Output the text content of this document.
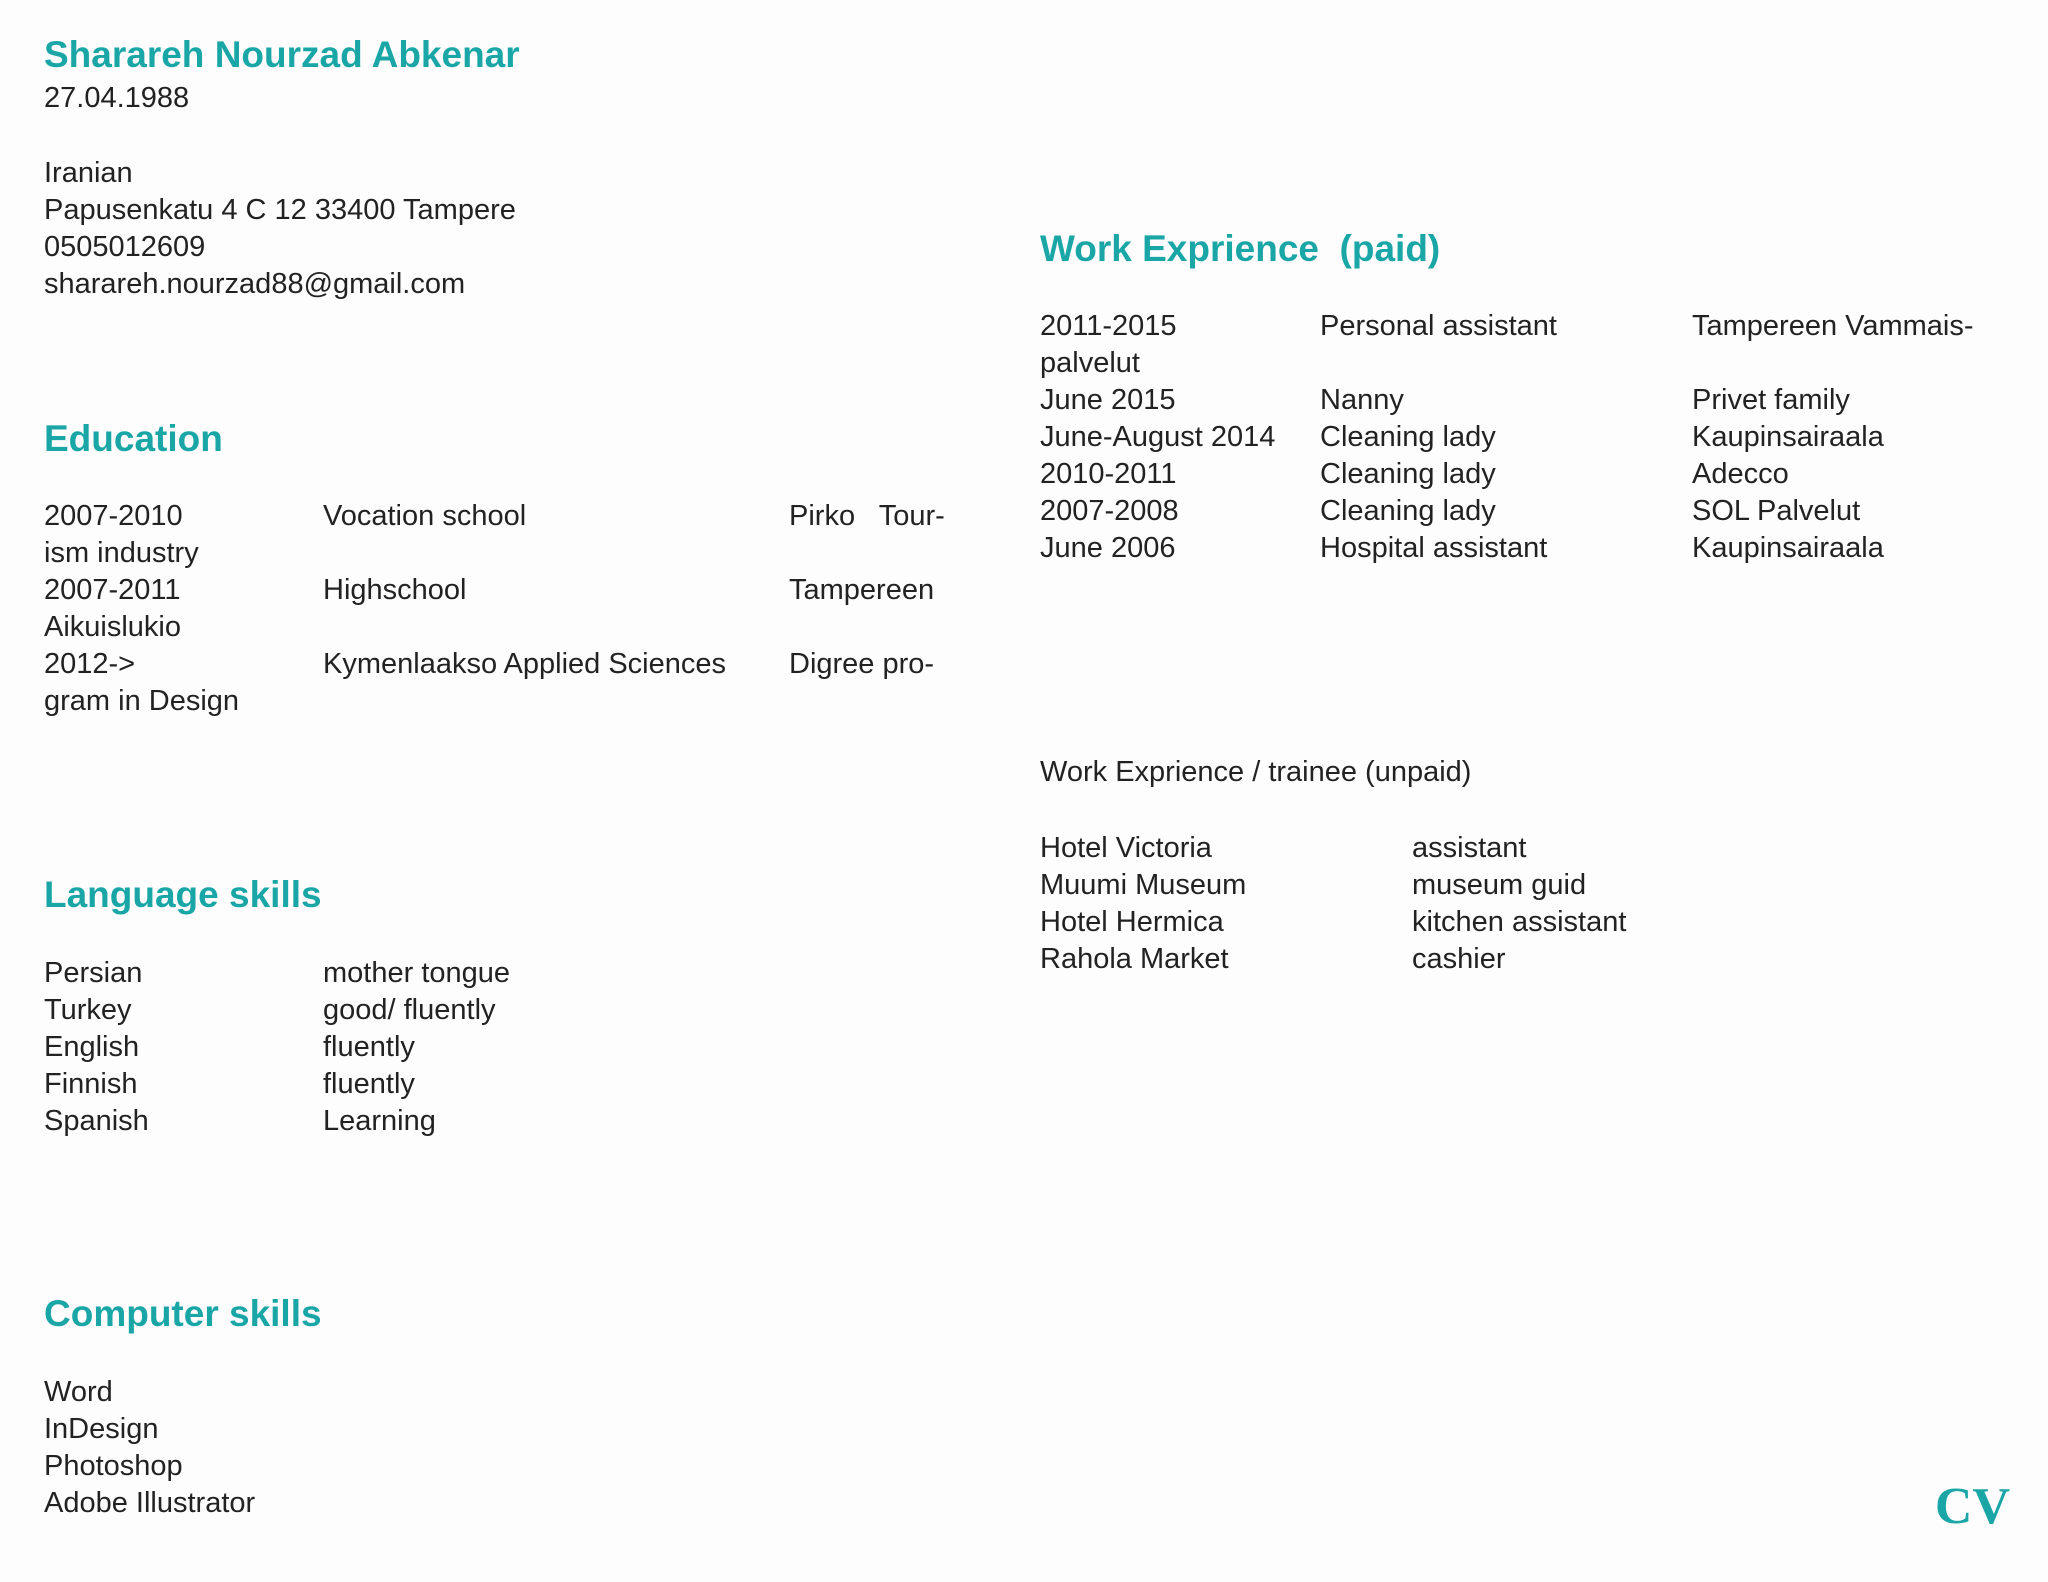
Sharareh Nourzad Abkenar
27.04.1988
Iranian
Papusenkatu 4 C 12 33400 Tampere
0505012609
sharareh.nourzad88@gmail.com
Education
2007-2010
ism industry
2007-2011
Aikuislukio
2012->
gram in Design
Vocation school
Highschool
Kymenlaakso Applied Sciences
Pirko   Tour-
Tampereen
Digree pro-
Language skills
Persian
Turkey
English
Finnish
Spanish
mother tongue
good/ fluently
fluently
fluently
Learning
Computer skills
Word
InDesign
Photoshop
Adobe Illustrator
Work Exprience  (paid)
2011-2015
palvelut
June 2015
June-August 2014
2010-2011
2007-2008
June 2006
Personal assistant
Nanny
Cleaning lady
Cleaning lady
Cleaning lady
Hospital assistant
Tampereen Vammais-
Privet family
Kaupinsairaala
Adecco
SOL Palvelut
Kaupinsairaala
Work Exprience / trainee (unpaid)
Hotel Victoria
Muumi Museum
Hotel Hermica
Rahola Market
assistant
museum guid
kitchen assistant
cashier
CV
